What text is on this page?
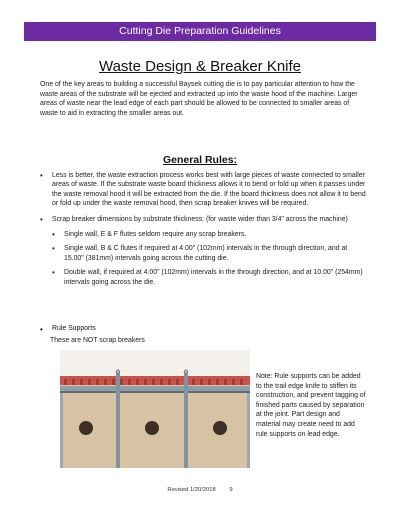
Cutting Die Preparation Guidelines
Waste Design & Breaker Knife
One of the key areas to building a successful Baysek cutting die is to pay particular attention to how the waste areas of the substrate will be ejected and extracted up into the waste hood of the machine. Larger areas of waste near the lead edge of each part should be allowed to be connected to smaller areas of waste to aid in extracting the smaller areas out.
General Rules:
• Less is better, the waste extraction process works best with large pieces of waste connected to smaller areas of waste. If the substrate waste board thickness allows it to bend or fold up when it passes under the waste removal hood it will be extracted from the die. If the board thickness does not allow it to bend or fold up under the waste removal hood, then scrap breaker knives will be required.
• Scrap breaker dimensions by substrate thickness: (for waste wider than 3/4" across the machine)
• Single wall, E & F flutes seldom require any scrap breakers.
• Single wall, B & C flutes if required at 4.00" (102mm) intervals in the through direction, and at 15.00" (381mm) intervals going across the cutting die.
• Double wall, if required at 4.00" (102mm) intervals in the through direction, and at 10.00" (254mm) intervals going across the die.
• Rule Supports
These are NOT scrap breakers
Note: Rule supports can be added to the trail edge knife to stiffen its construction, and prevent tagging of finished parts caused by separation at the joint. Part design and material may create need to add rule supports on lead edge.
Revised 1/20/2018 9
